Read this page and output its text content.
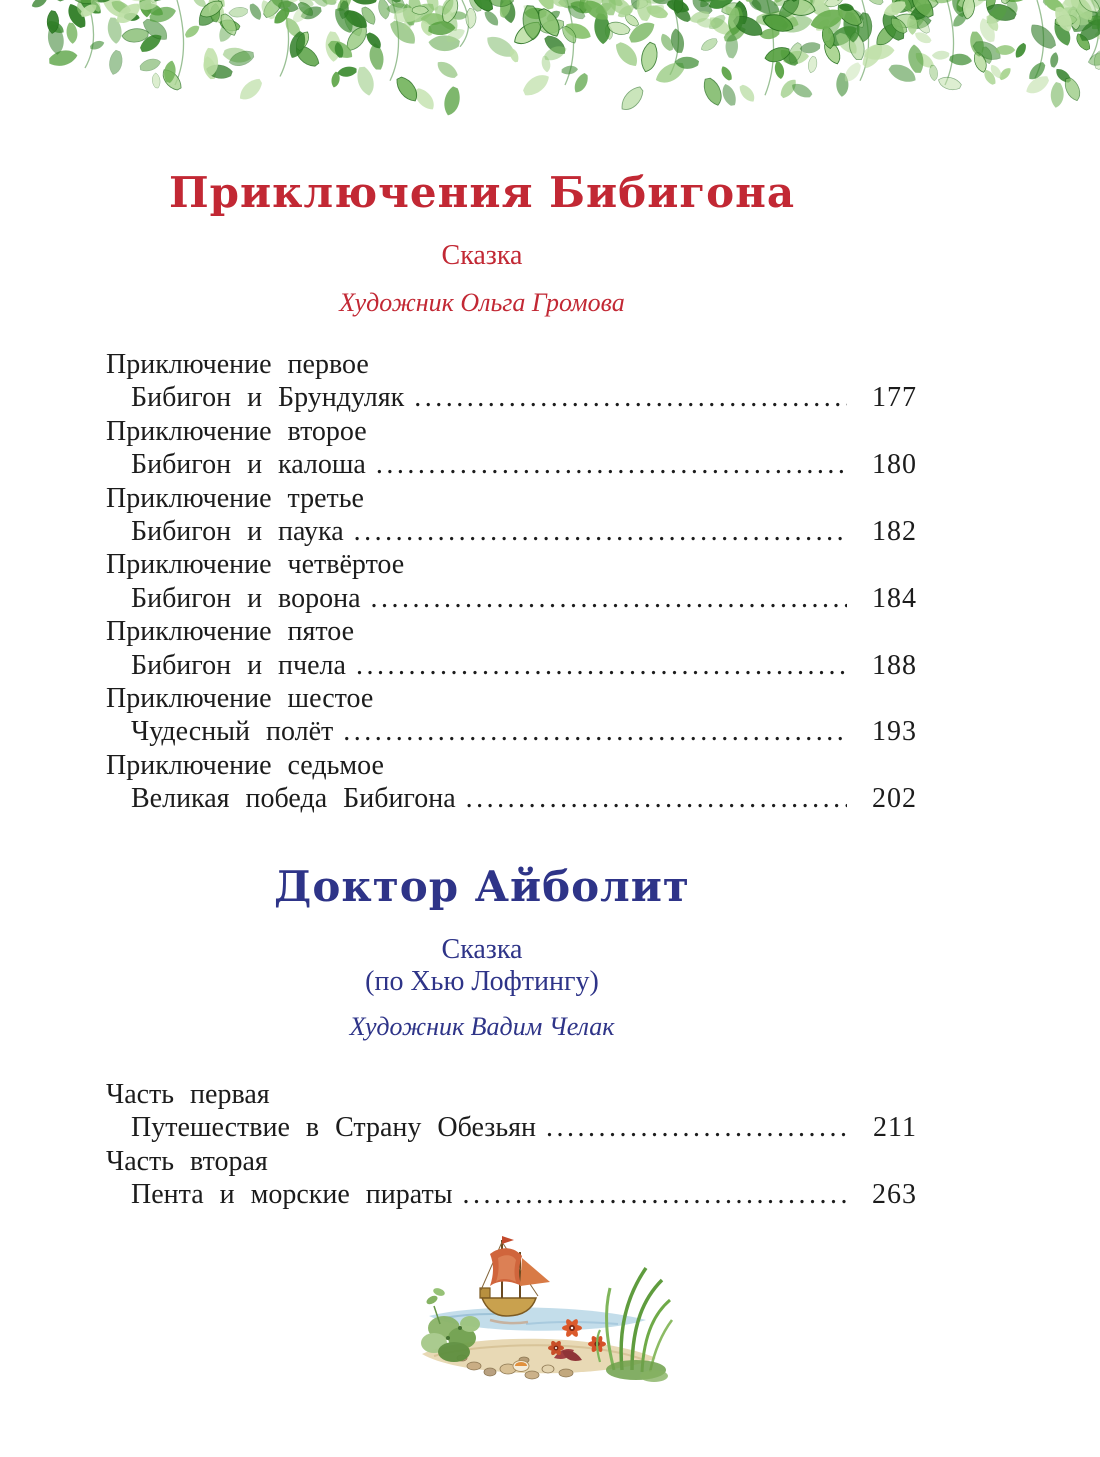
Приключения Бибигона
Сказка
Художник Ольга Громова
Приключение первое
Бибигон и Брундуляк .....	177
Приключение второе
Бибигон и калоша .....	180
Приключение третье
Бибигон и паука .....	182
Приключение четвёртое
Бибигон и ворона .....	184
Приключение пятое
Бибигон и пчела .....	188
Приключение шестое
Чудесный полёт .....	193
Приключение седьмое
Великая победа Бибигона .....	202
Доктор Айболит
Сказка
(по Хью Лофтингу)
Художник Вадим Челак
Часть первая
Путешествие в Страну Обезьян .....	211
Часть вторая
Пента и морские пираты .....	263
